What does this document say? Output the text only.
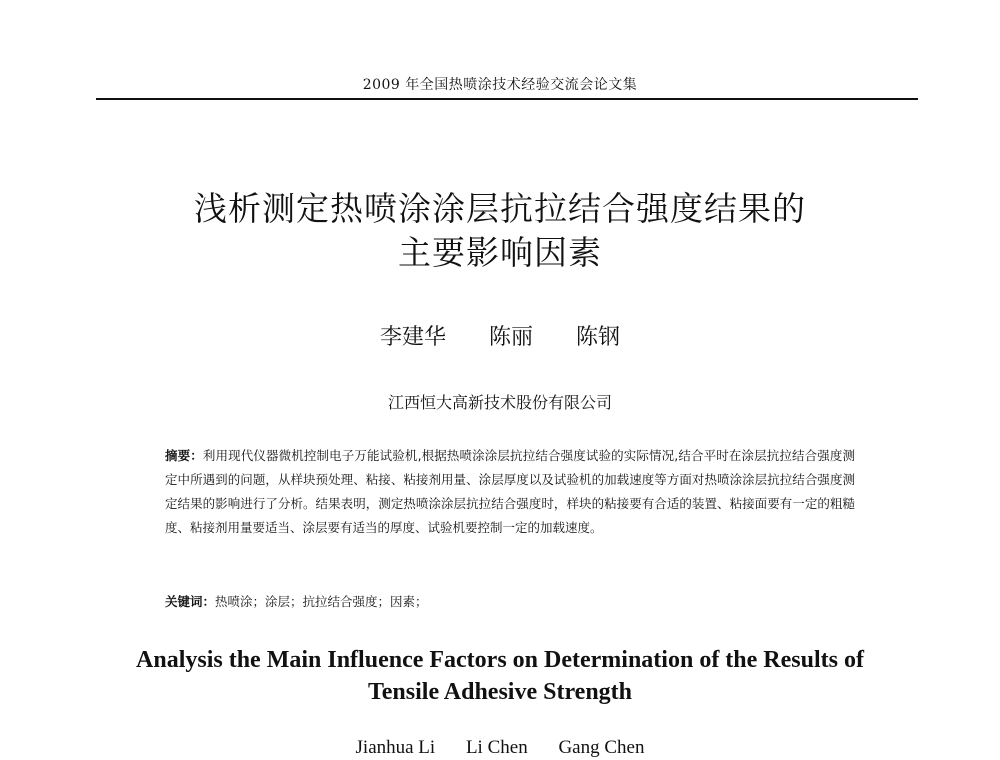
2009 年全国热喷涂技术经验交流会论文集
浅析测定热喷涂涂层抗拉结合强度结果的
主要影响因素
李建华 陈丽 陈钢
江西恒大高新技术股份有限公司
摘要：利用现代仪器微机控制电子万能试验机,根据热喷涂涂层抗拉结合强度试验的实际情况,结合平时在涂层抗拉结合强度测定中所遇到的问题，从样块预处理、粘接、粘接剂用量、涂层厚度以及试验机的加载速度等方面对热喷涂涂层抗拉结合强度测定结果的影响进行了分析。结果表明，测定热喷涂涂层抗拉结合强度时，样块的粘接要有合适的装置、粘接面要有一定的粗糙度、粘接剂用量要适当、涂层要有适当的厚度、试验机要控制一定的加载速度。
关键词：热喷涂；涂层；抗拉结合强度；因素；
Analysis the Main Influence Factors on Determination of the Results of
Tensile Adhesive Strength
Jianhua Li Li Chen Gang Chen
